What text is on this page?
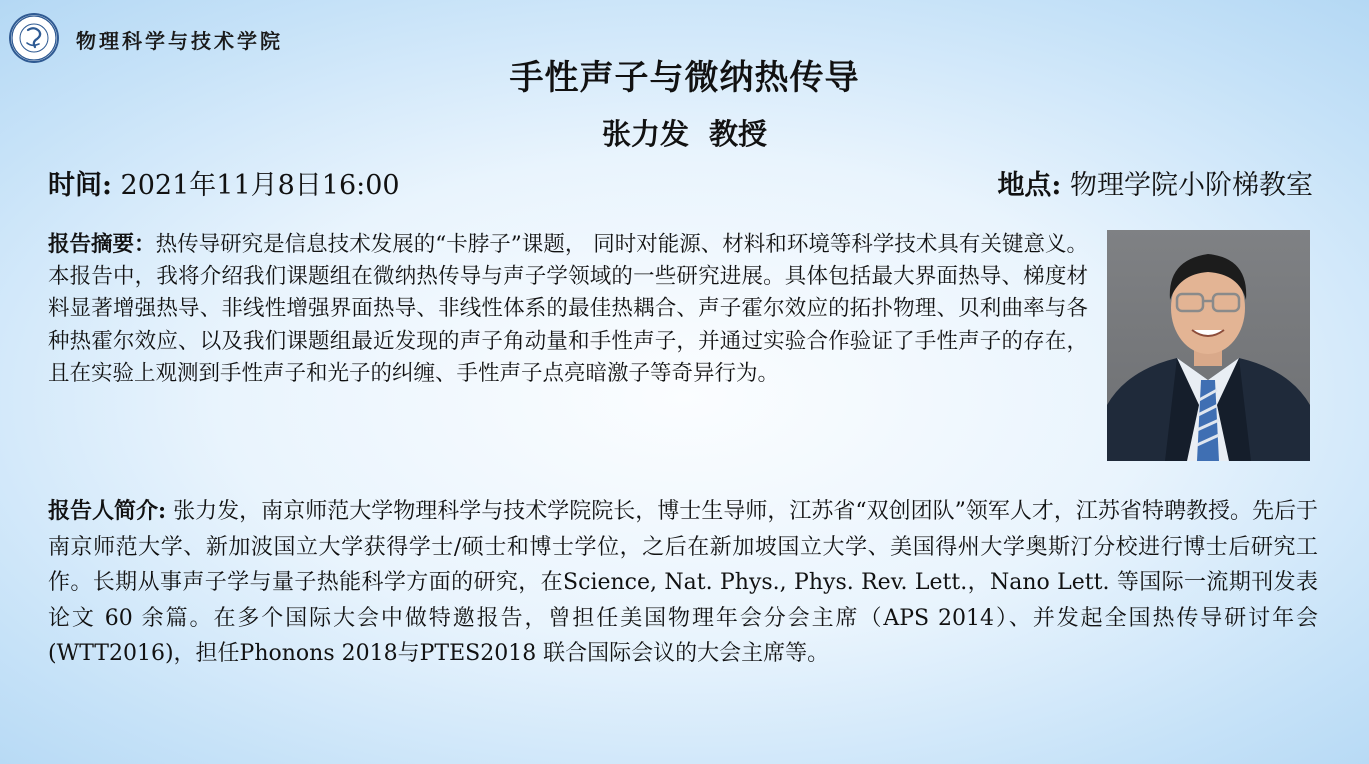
物理科学与技术学院
手性声子与微纳热传导
张力发 教授
时间: 2021年11月8日16:00	地点: 物理学院小阶梯教室
报告摘要：热传导研究是信息技术发展的“卡脖子”课题， 同时对能源、材料和环境等科学技术具有关键意义。本报告中，我将介绍我们课题组在微纳热传导与声子学领域的一些研究进展。具体包括最大界面热导、梯度材料显著增强热导、非线性增强界面热导、非线性体系的最佳热耦合、声子霍尔效应的拓扑物理、贝利曲率与各种热霍尔效应、以及我们课题组最近发现的声子角动量和手性声子，并通过实验合作验证了手性声子的存在，且在实验上观测到手性声子和光子的纠缠、手性声子点亮暗激子等奇异行为。
报告人简介: 张力发，南京师范大学物理科学与技术学院院长，博士生导师，江苏省“双创团队”领军人才，江苏省特聘教授。先后于南京师范大学、新加波国立大学获得学士/硕士和博士学位，之后在新加坡国立大学、美国得州大学奥斯汀分校进行博士后研究工作。长期从事声子学与量子热能科学方面的研究，在Science, Nat. Phys., Phys. Rev. Lett.，Nano Lett. 等国际一流期刊发表论文 60 余篇。在多个国际大会中做特邀报告，曾担任美国物理年会分会主席（APS 2014）、并发起全国热传导研讨年会(WTT2016)，担任Phonons 2018与PTES2018 联合国际会议的大会主席等。
